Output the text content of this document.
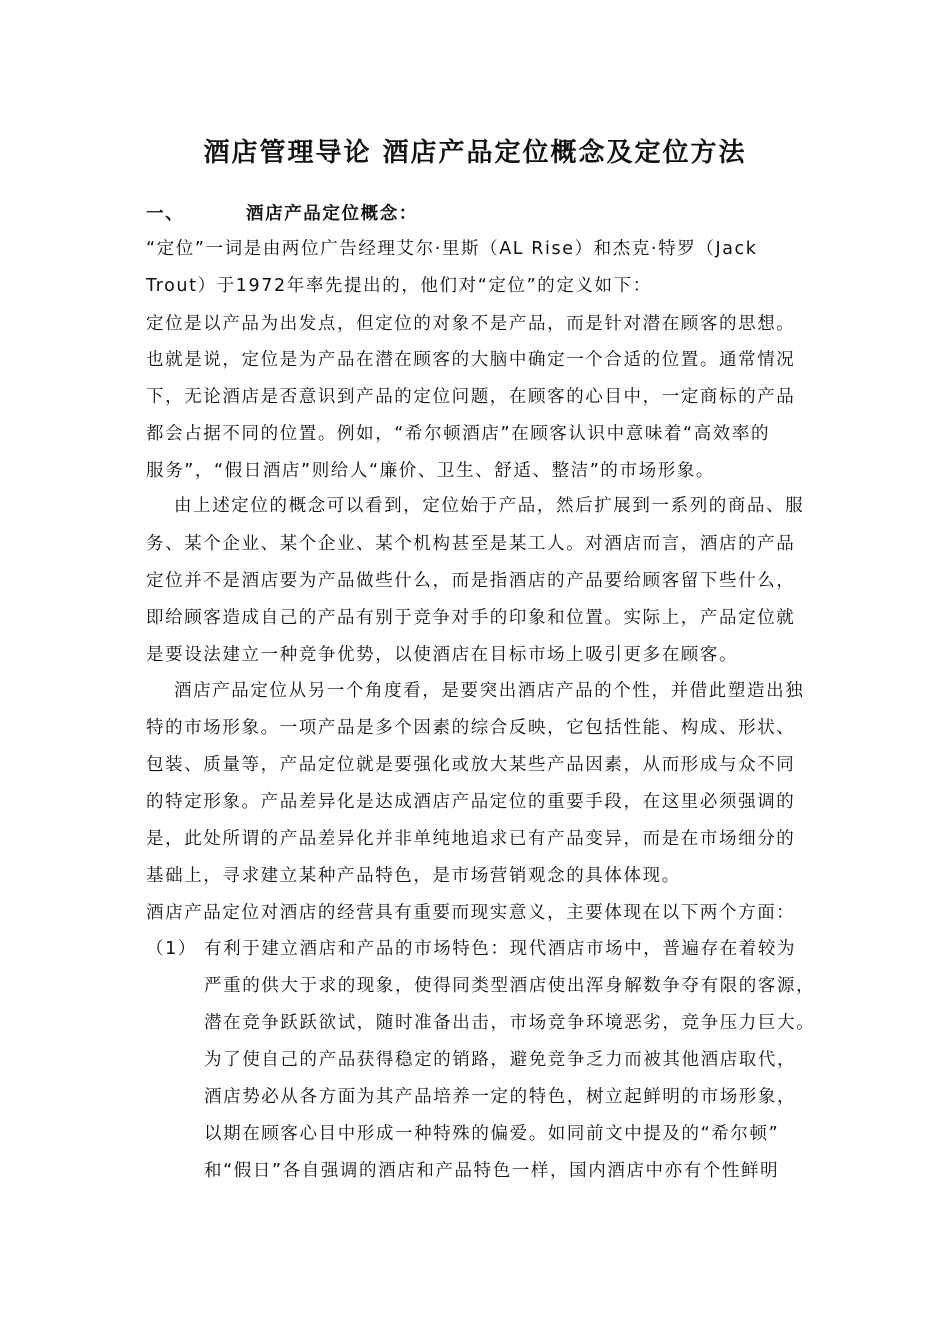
酒店管理导论 酒店产品定位概念及定位方法
一、	酒店产品定位概念：
“定位”一词是由两位广告经理艾尔·里斯（AL Rise）和杰克·特罗（Jack
Trout）于1972年率先提出的，他们对“定位”的定义如下：
定位是以产品为出发点，但定位的对象不是产品，而是针对潜在顾客的思想。
也就是说，定位是为产品在潜在顾客的大脑中确定一个合适的位置。通常情况
下，无论酒店是否意识到产品的定位问题，在顾客的心目中，一定商标的产品
都会占据不同的位置。例如，“希尔顿酒店”在顾客认识中意味着“高效率的
服务”，“假日酒店”则给人“廉价、卫生、舒适、整洁”的市场形象。
由上述定位的概念可以看到，定位始于产品，然后扩展到一系列的商品、服
务、某个企业、某个企业、某个机构甚至是某工人。对酒店而言，酒店的产品
定位并不是酒店要为产品做些什么，而是指酒店的产品要给顾客留下些什么，
即给顾客造成自己的产品有别于竞争对手的印象和位置。实际上，产品定位就
是要设法建立一种竞争优势，以使酒店在目标市场上吸引更多在顾客。
酒店产品定位从另一个角度看，是要突出酒店产品的个性，并借此塑造出独
特的市场形象。一项产品是多个因素的综合反映，它包括性能、构成、形状、
包装、质量等，产品定位就是要强化或放大某些产品因素，从而形成与众不同
的特定形象。产品差异化是达成酒店产品定位的重要手段，在这里必须强调的
是，此处所谓的产品差异化并非单纯地追求已有产品变异，而是在市场细分的
基础上，寻求建立某种产品特色，是市场营销观念的具体体现。
酒店产品定位对酒店的经营具有重要而现实意义，主要体现在以下两个方面：
（1） 有利于建立酒店和产品的市场特色：现代酒店市场中，普遍存在着较为
严重的供大于求的现象，使得同类型酒店使出浑身解数争夺有限的客源，
潜在竞争跃跃欲试，随时准备出击，市场竞争环境恶劣，竞争压力巨大。
为了使自己的产品获得稳定的销路，避免竞争乏力而被其他酒店取代，
酒店势必从各方面为其产品培养一定的特色，树立起鲜明的市场形象，
以期在顾客心目中形成一种特殊的偏爱。如同前文中提及的“希尔顿”
和“假日”各自强调的酒店和产品特色一样，国内酒店中亦有个性鲜明
